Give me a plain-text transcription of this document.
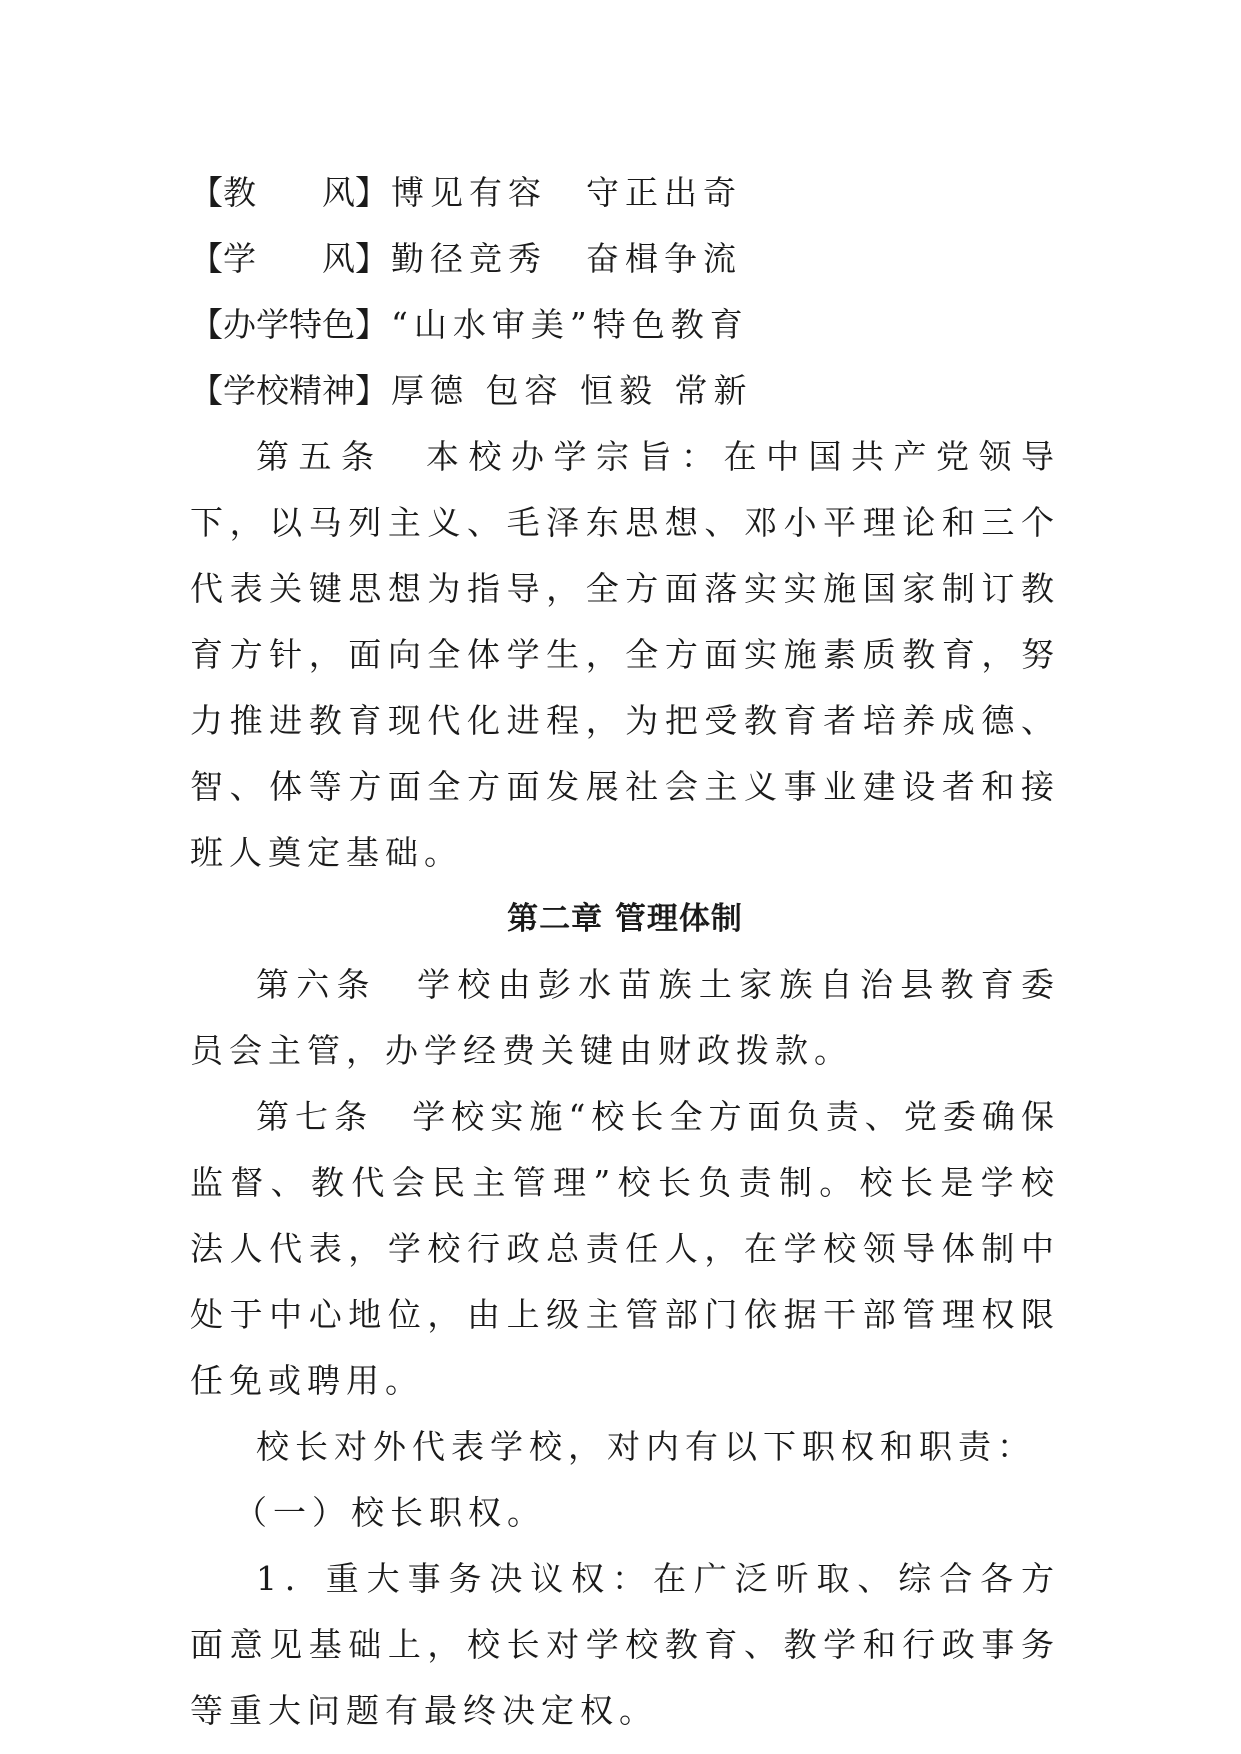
【教　　风】 博见有容　守正出奇
【学　　风】 勤径竞秀　奋楫争流
【办学特色】 “山水审美”特色教育
【学校精神】 厚德 包容 恒毅 常新

第五条　本校办学宗旨：在中国共产党领导下，以马列主义、毛泽东思想、邓小平理论和三个代表关键思想为指导，全方面落实实施国家制订教育方针，面向全体学生，全方面实施素质教育，努力推进教育现代化进程，为把受教育者培养成德、智、体等方面全方面发展社会主义事业建设者和接班人奠定基础。

第二章 管理体制

第六条　学校由彭水苗族土家族自治县教育委员会主管，办学经费关键由财政拨款。

第七条　学校实施“校长全方面负责、党委确保监督、教代会民主管理”校长负责制。校长是学校法人代表，学校行政总责任人，在学校领导体制中处于中心地位，由上级主管部门依据干部管理权限任免或聘用。

校长对外代表学校，对内有以下职权和职责：

（一）校长职权。

1．重大事务决议权：在广泛听取、综合各方面意见基础上，校长对学校教育、教学和行政事务等重大问题有最终决定权。
